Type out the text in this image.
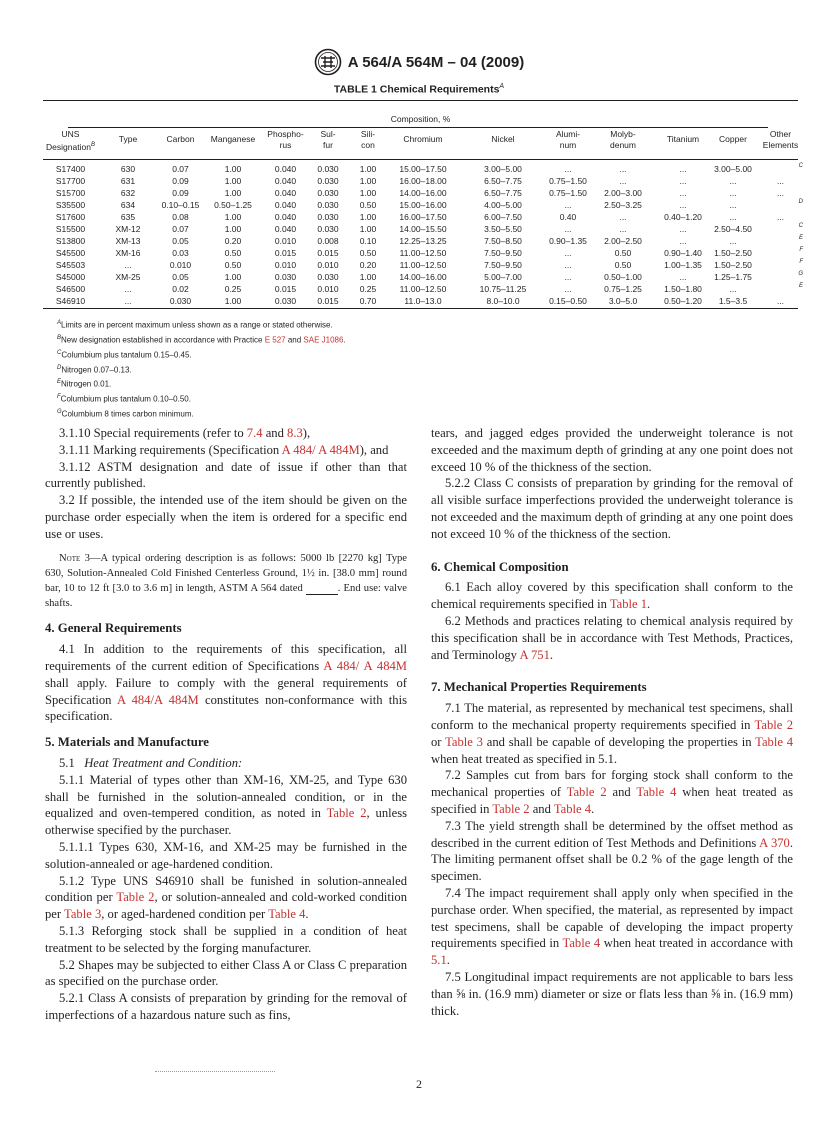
A 564/A 564M – 04 (2009)
TABLE 1 Chemical Requirements$^A$
Composition, %
UNS
Designation$^B$
Type	Carbon	Manganese	Phospho-
rus
Sul-
fur
Sili-
con
Chromium	Nickel	Alumi-
num
Molyb-
denum
Titanium	Copper	Other
Elements
S17400	630	0.07	1.00	0.040	0.030	1.00	15.00–17.50	3.00–5.00	...	...	...	3.00–5.00	C
S17700	631	0.09	1.00	0.040	0.030	1.00	16.00–18.00	6.50–7.75	0.75–1.50	...	...	...	...
S15700	632	0.09	1.00	0.040	0.030	1.00	14.00–16.00	6.50–7.75	0.75–1.50	2.00–3.00	...	...	...
S35500	634	0.10–0.15	0.50–1.25	0.040	0.030	0.50	15.00–16.00	4.00–5.00	...	2.50–3.25	...	...	D
S17600	635	0.08	1.00	0.040	0.030	1.00	16.00–17.50	6.00–7.50	0.40	...	0.40–1.20	...	...
S15500	XM-12	0.07	1.00	0.040	0.030	1.00	14.00–15.50	3.50–5.50	...	...	...	2.50–4.50	C
S13800	XM-13	0.05	0.20	0.010	0.008	0.10	12.25–13.25	7.50–8.50	0.90–1.35	2.00–2.50	...	...	E
S45500	XM-16	0.03	0.50	0.015	0.015	0.50	11.00–12.50	7.50–9.50	...	0.50	0.90–1.40	1.50–2.50	F
S45503	...	0.010	0.50	0.010	0.010	0.20	11.00–12.50	7.50–9.50	...	0.50	1.00–1.35	1.50–2.50	F
S45000	XM-25	0.05	1.00	0.030	0.030	1.00	14.00–16.00	5.00–7.00	...	0.50–1.00	...	1.25–1.75	G
S46500	...	0.02	0.25	0.015	0.010	0.25	11.00–12.50	10.75–11.25	...	0.75–1.25	1.50–1.80	...	E
S46910	...	0.030	1.00	0.030	0.015	0.70	11.0–13.0	8.0–10.0	0.15–0.50	3.0–5.0	0.50–1.20	1.5–3.5	...
$^A$Limits are in percent maximum unless shown as a range or stated otherwise.
$^B$New designation established in accordance with Practice E 527 and SAE J1086.
$^C$Columbium plus tantalum 0.15–0.45.
$^D$Nitrogen 0.07–0.13.
$^E$Nitrogen 0.01.
$^F$Columbium plus tantalum 0.10–0.50.
$^G$Columbium 8 times carbon minimum.

3.1.10 Special requirements (refer to 7.4 and 8.3),

3.1.11 Marking requirements (Specification A 484/ A 484M), and

3.1.12 ASTM designation and date of issue if other than that currently published.

3.2 If possible, the intended use of the item should be given on the purchase order especially when the item is ordered for a specific end use or uses.

Note 3—A typical ordering description is as follows: 5000 lb [2270 kg] Type 630, Solution-Annealed Cold Finished Centerless Ground, 1½ in. [38.0 mm] round bar, 10 to 12 ft [3.0 to 3.6 m] in length, ASTM A 564 dated	. End use: valve shafts.

4. General Requirements

4.1 In addition to the requirements of this specification, all requirements of the current edition of Specifications A 484/ A 484M shall apply. Failure to comply with the general requirements of Specification A 484/A 484M constitutes non-conformance with this specification.

5. Materials and Manufacture

5.1 Heat Treatment and Condition:

5.1.1 Material of types other than XM-16, XM-25, and Type 630 shall be furnished in the solution-annealed condition, or in the equalized and oven-tempered condition, as noted in Table 2, unless otherwise specified by the purchaser.

5.1.1.1 Types 630, XM-16, and XM-25 may be furnished in the solution-annealed or age-hardened condition.

5.1.2 Type UNS S46910 shall be funished in solution-annealed condition per Table 2, or solution-annealed and cold-worked condition per Table 3, or aged-hardened condition per Table 4.

5.1.3 Reforging stock shall be supplied in a condition of heat treatment to be selected by the forging manufacturer.

5.2 Shapes may be subjected to either Class A or Class C preparation as specified on the purchase order.

5.2.1 Class A consists of preparation by grinding for the removal of imperfections of a hazardous nature such as fins,

tears, and jagged edges provided the underweight tolerance is not exceeded and the maximum depth of grinding at any one point does not exceed 10 % of the thickness of the section.

5.2.2 Class C consists of preparation by grinding for the removal of all visible surface imperfections provided the underweight tolerance is not exceeded and the maximum depth of grinding at any one point does not exceed 10 % of the thickness of the section.

6. Chemical Composition

6.1 Each alloy covered by this specification shall conform to the chemical requirements specified in Table 1.

6.2 Methods and practices relating to chemical analysis required by this specification shall be in accordance with Test Methods, Practices, and Terminology A 751.

7. Mechanical Properties Requirements

7.1 The material, as represented by mechanical test specimens, shall conform to the mechanical property requirements specified in Table 2 or Table 3 and shall be capable of developing the properties in Table 4 when heat treated as specified in 5.1.

7.2 Samples cut from bars for forging stock shall conform to the mechanical properties of Table 2 and Table 4 when heat treated as specified in Table 2 and Table 4.

7.3 The yield strength shall be determined by the offset method as described in the current edition of Test Methods and Definitions A 370. The limiting permanent offset shall be 0.2 % of the gage length of the specimen.

7.4 The impact requirement shall apply only when specified in the purchase order. When specified, the material, as represented by impact test specimens, shall be capable of developing the impact property requirements specified in Table 4 when heat treated in accordance with 5.1.

7.5 Longitudinal impact requirements are not applicable to bars less than ⅝ in. (16.9 mm) diameter or size or flats less than ⅝ in. (16.9 mm) thick.

2
